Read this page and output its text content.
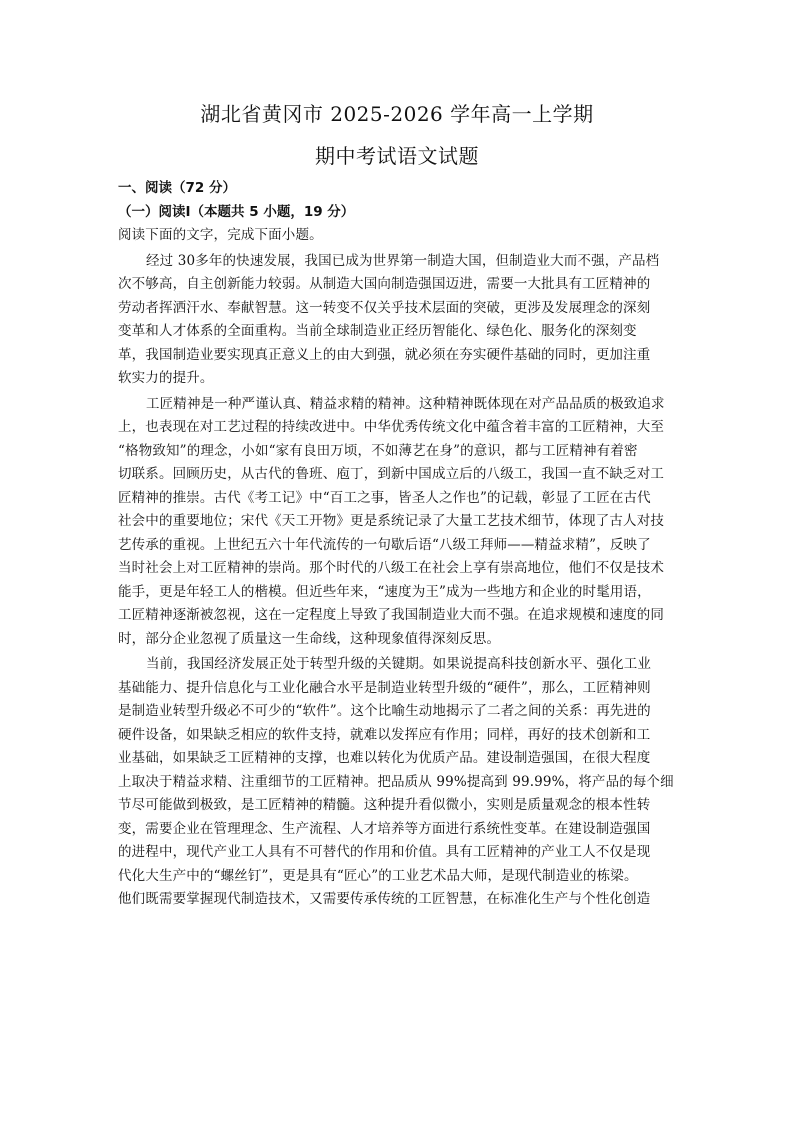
湖北省黄冈市 2025-2026 学年高一上学期
期中考试语文试题
一、阅读（72 分）
（一）阅读Ⅰ（本题共 5 小题，19 分）
阅读下面的文字，完成下面小题。
经过 30多年的快速发展，我国已成为世界第一制造大国，但制造业大而不强，产品档
次不够高，自主创新能力较弱。从制造大国向制造强国迈进，需要一大批具有工匠精神的
劳动者挥洒汗水、奉献智慧。这一转变不仅关乎技术层面的突破，更涉及发展理念的深刻
变革和人才体系的全面重构。当前全球制造业正经历智能化、绿色化、服务化的深刻变
革，我国制造业要实现真正意义上的由大到强，就必须在夯实硬件基础的同时，更加注重
软实力的提升。
工匠精神是一种严谨认真、精益求精的精神。这种精神既体现在对产品品质的极致追求
上，也表现在对工艺过程的持续改进中。中华优秀传统文化中蕴含着丰富的工匠精神，大至
“格物致知”的理念，小如“家有良田万顷，不如薄艺在身”的意识，都与工匠精神有着密
切联系。回顾历史，从古代的鲁班、庖丁，到新中国成立后的八级工，我国一直不缺乏对工
匠精神的推崇。古代《考工记》中“百工之事，皆圣人之作也”的记载，彰显了工匠在古代
社会中的重要地位；宋代《天工开物》更是系统记录了大量工艺技术细节，体现了古人对技
艺传承的重视。上世纪五六十年代流传的一句歇后语“八级工拜师——精益求精”，反映了
当时社会上对工匠精神的崇尚。那个时代的八级工在社会上享有崇高地位，他们不仅是技术
能手，更是年轻工人的楷模。但近些年来，“速度为王”成为一些地方和企业的时髦用语，
工匠精神逐渐被忽视，这在一定程度上导致了我国制造业大而不强。在追求规模和速度的同
时，部分企业忽视了质量这一生命线，这种现象值得深刻反思。
当前，我国经济发展正处于转型升级的关键期。如果说提高科技创新水平、强化工业
基础能力、提升信息化与工业化融合水平是制造业转型升级的“硬件”，那么，工匠精神则
是制造业转型升级必不可少的“软件”。这个比喻生动地揭示了二者之间的关系：再先进的
硬件设备，如果缺乏相应的软件支持，就难以发挥应有作用；同样，再好的技术创新和工
业基础，如果缺乏工匠精神的支撑，也难以转化为优质产品。建设制造强国，在很大程度
上取决于精益求精、注重细节的工匠精神。把品质从 99%提高到 99.99%，将产品的每个细
节尽可能做到极致，是工匠精神的精髓。这种提升看似微小，实则是质量观念的根本性转
变，需要企业在管理理念、生产流程、人才培养等方面进行系统性变革。在建设制造强国
的进程中，现代产业工人具有不可替代的作用和价值。具有工匠精神的产业工人不仅是现
代化大生产中的“螺丝钉”，更是具有“匠心”的工业艺术品大师，是现代制造业的栋梁。
他们既需要掌握现代制造技术，又需要传承传统的工匠智慧，在标准化生产与个性化创造
